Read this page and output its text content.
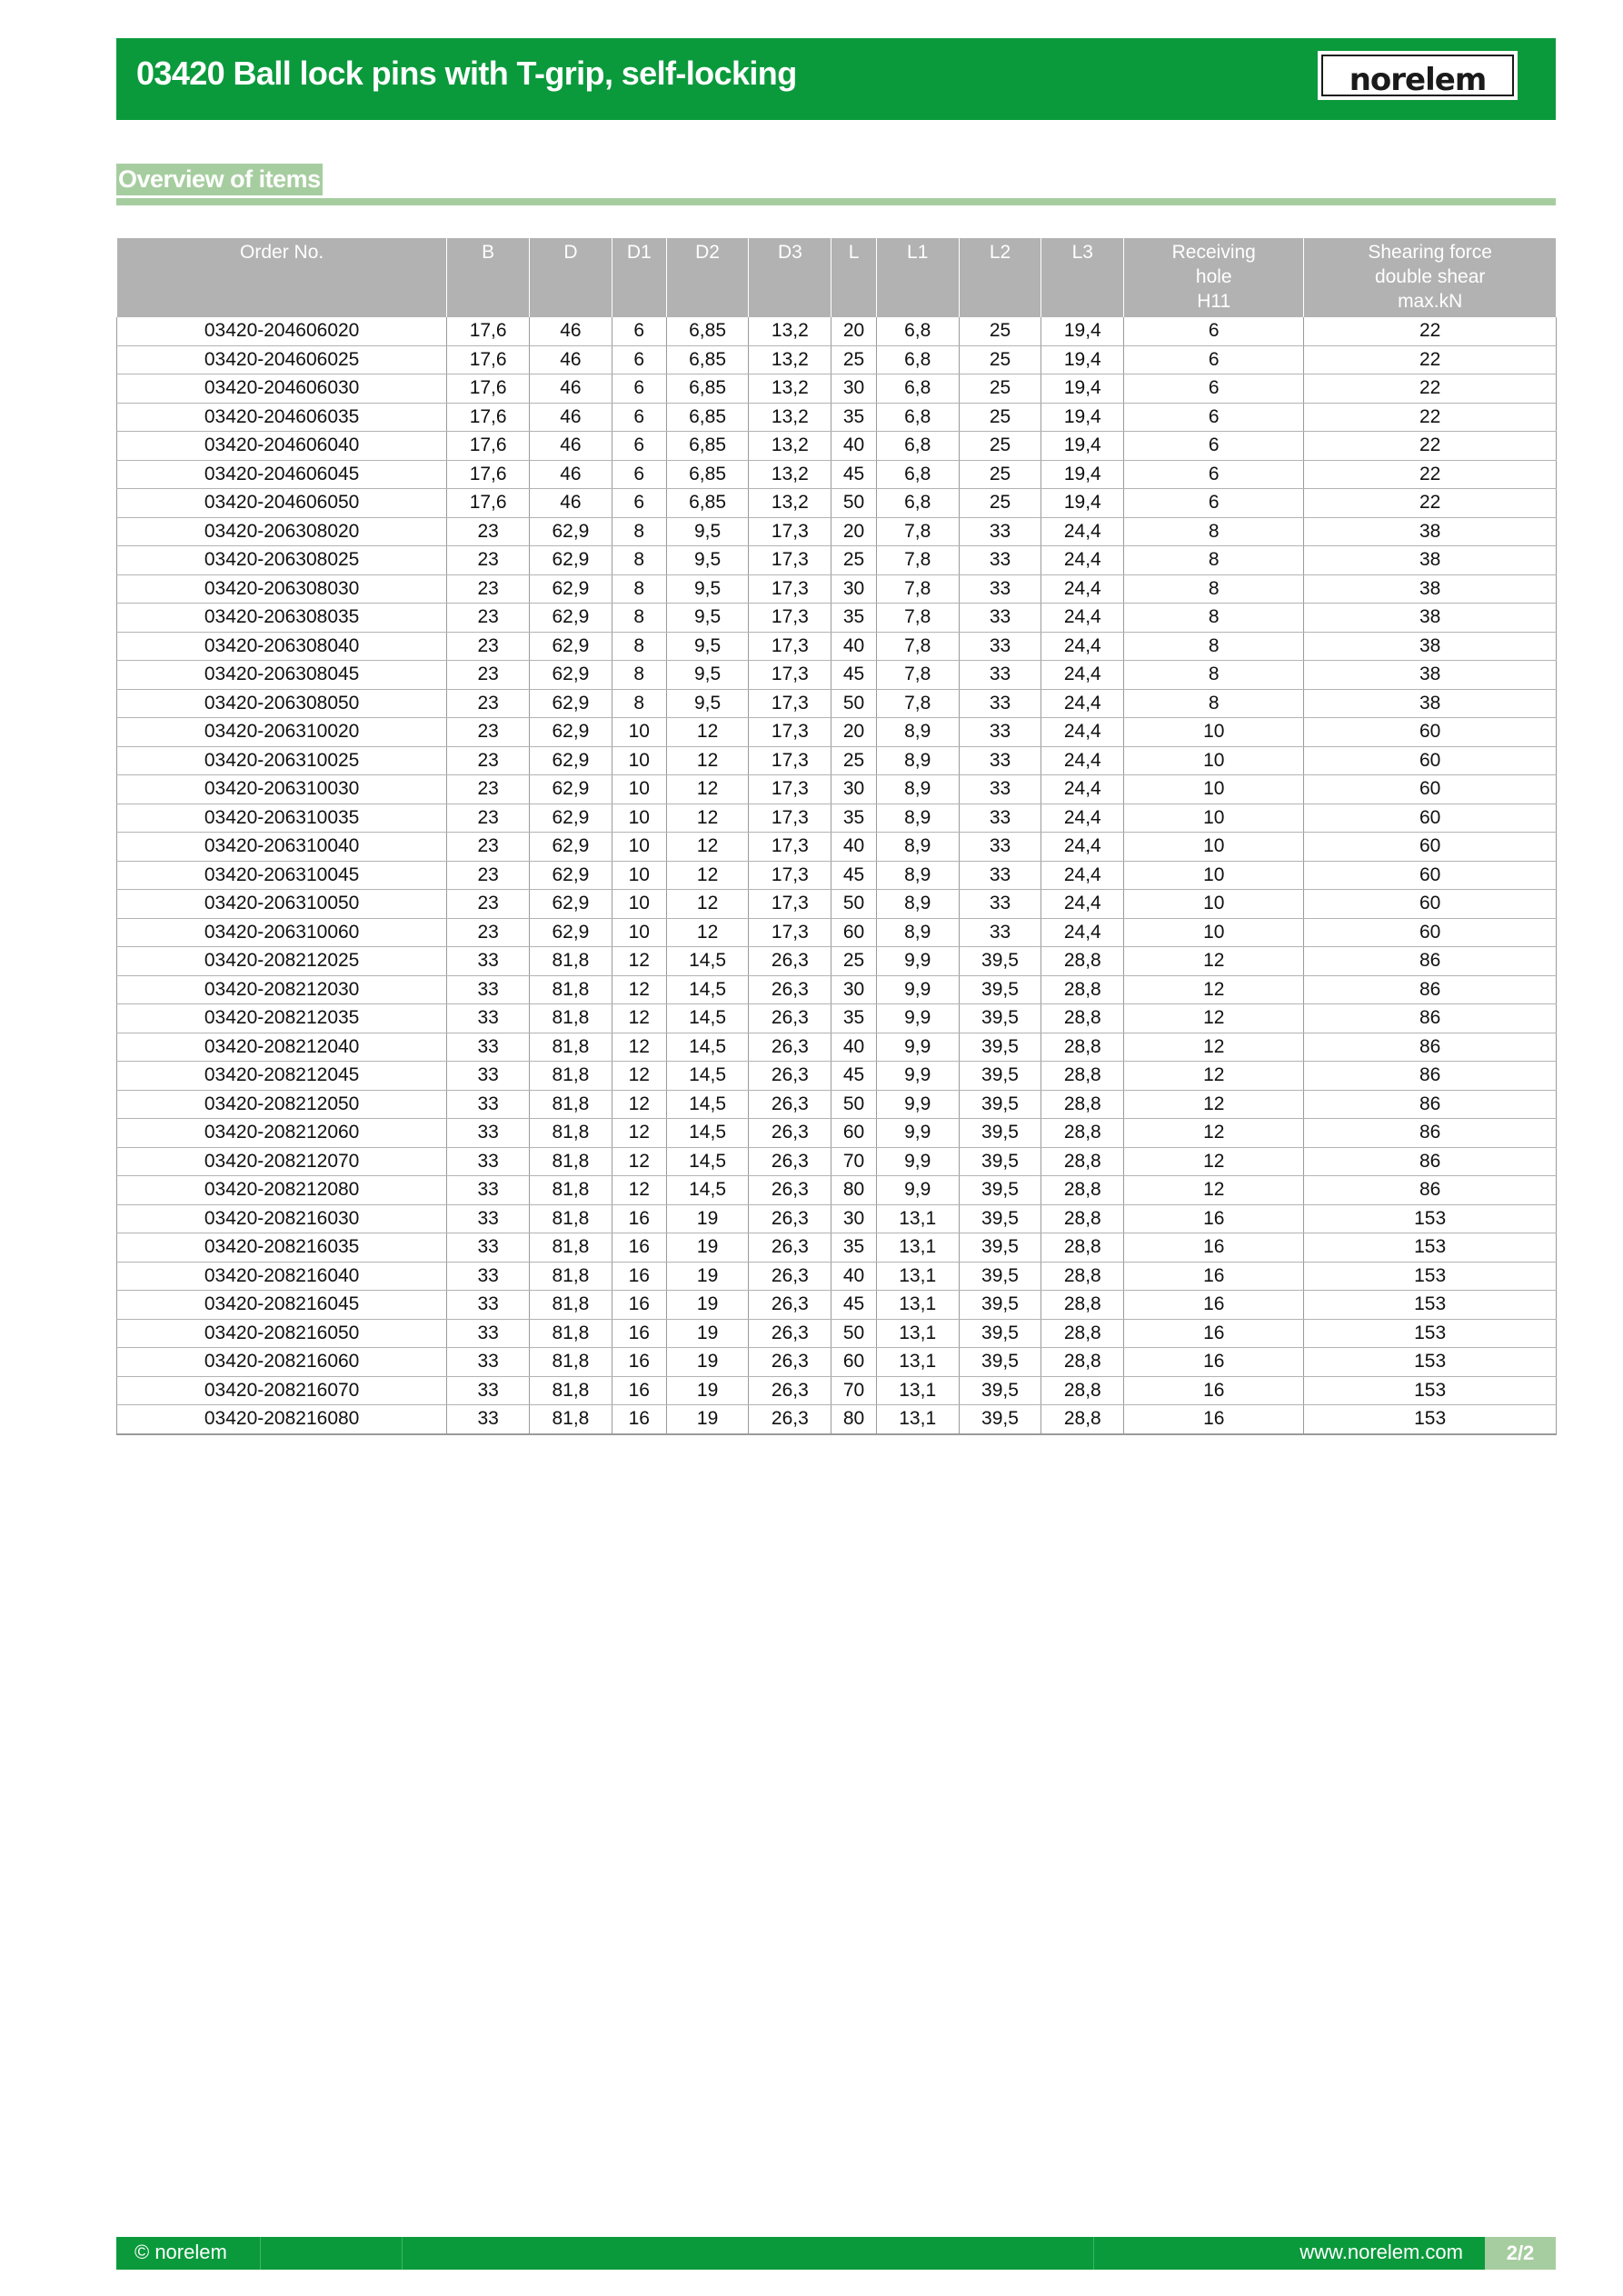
03420 Ball lock pins with T-grip, self-locking	norelem
Overview of items
Order No.	B	D	D1	D2	D3	L	L1	L2	L3	Receiving
hole
H11	Shearing force
double shear
max.kN
03420-204606020	17,6	46	6	6,85	13,2	20	6,8	25	19,4	6	22
03420-204606025	17,6	46	6	6,85	13,2	25	6,8	25	19,4	6	22
03420-204606030	17,6	46	6	6,85	13,2	30	6,8	25	19,4	6	22
03420-204606035	17,6	46	6	6,85	13,2	35	6,8	25	19,4	6	22
03420-204606040	17,6	46	6	6,85	13,2	40	6,8	25	19,4	6	22
03420-204606045	17,6	46	6	6,85	13,2	45	6,8	25	19,4	6	22
03420-204606050	17,6	46	6	6,85	13,2	50	6,8	25	19,4	6	22
03420-206308020	23	62,9	8	9,5	17,3	20	7,8	33	24,4	8	38
03420-206308025	23	62,9	8	9,5	17,3	25	7,8	33	24,4	8	38
03420-206308030	23	62,9	8	9,5	17,3	30	7,8	33	24,4	8	38
03420-206308035	23	62,9	8	9,5	17,3	35	7,8	33	24,4	8	38
03420-206308040	23	62,9	8	9,5	17,3	40	7,8	33	24,4	8	38
03420-206308045	23	62,9	8	9,5	17,3	45	7,8	33	24,4	8	38
03420-206308050	23	62,9	8	9,5	17,3	50	7,8	33	24,4	8	38
03420-206310020	23	62,9	10	12	17,3	20	8,9	33	24,4	10	60
03420-206310025	23	62,9	10	12	17,3	25	8,9	33	24,4	10	60
03420-206310030	23	62,9	10	12	17,3	30	8,9	33	24,4	10	60
03420-206310035	23	62,9	10	12	17,3	35	8,9	33	24,4	10	60
03420-206310040	23	62,9	10	12	17,3	40	8,9	33	24,4	10	60
03420-206310045	23	62,9	10	12	17,3	45	8,9	33	24,4	10	60
03420-206310050	23	62,9	10	12	17,3	50	8,9	33	24,4	10	60
03420-206310060	23	62,9	10	12	17,3	60	8,9	33	24,4	10	60
03420-208212025	33	81,8	12	14,5	26,3	25	9,9	39,5	28,8	12	86
03420-208212030	33	81,8	12	14,5	26,3	30	9,9	39,5	28,8	12	86
03420-208212035	33	81,8	12	14,5	26,3	35	9,9	39,5	28,8	12	86
03420-208212040	33	81,8	12	14,5	26,3	40	9,9	39,5	28,8	12	86
03420-208212045	33	81,8	12	14,5	26,3	45	9,9	39,5	28,8	12	86
03420-208212050	33	81,8	12	14,5	26,3	50	9,9	39,5	28,8	12	86
03420-208212060	33	81,8	12	14,5	26,3	60	9,9	39,5	28,8	12	86
03420-208212070	33	81,8	12	14,5	26,3	70	9,9	39,5	28,8	12	86
03420-208212080	33	81,8	12	14,5	26,3	80	9,9	39,5	28,8	12	86
03420-208216030	33	81,8	16	19	26,3	30	13,1	39,5	28,8	16	153
03420-208216035	33	81,8	16	19	26,3	35	13,1	39,5	28,8	16	153
03420-208216040	33	81,8	16	19	26,3	40	13,1	39,5	28,8	16	153
03420-208216045	33	81,8	16	19	26,3	45	13,1	39,5	28,8	16	153
03420-208216050	33	81,8	16	19	26,3	50	13,1	39,5	28,8	16	153
03420-208216060	33	81,8	16	19	26,3	60	13,1	39,5	28,8	16	153
03420-208216070	33	81,8	16	19	26,3	70	13,1	39,5	28,8	16	153
03420-208216080	33	81,8	16	19	26,3	80	13,1	39,5	28,8	16	153
© norelem	www.norelem.com	2/2
